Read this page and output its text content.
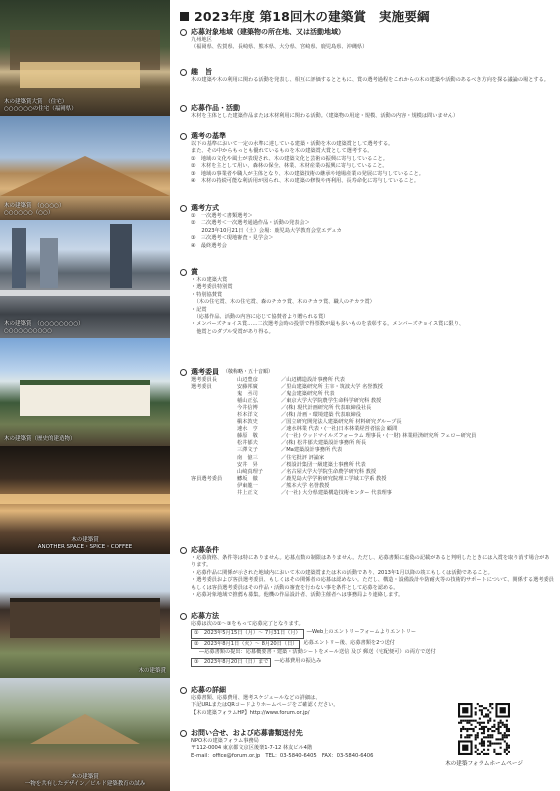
木の建築賞大賞　（住宅）
○○○○○○の住宅（福岡県）
木の建築賞　（○○○○）
○○○○○○（○○）
木の建築賞　（○○○○○○○○）
○○○○○○○○○○
木の建築賞（歴史的建造物）
木の建築賞
ANOTHER SPACE・SPICE・COFFEE
木の建築賞
木の建築賞
一物を共有したデザイン／ビルド建築教育の試み
2023年度 第18回木の建築賞　実施要綱
応募対象地域（建築物の所在地、又は活動地域）
九州地区
（福岡県、佐賀県、長崎県、熊本県、大分県、宮崎県、鹿児島県、沖縄県）
趣　旨
木の建築や木の利用に関わる活動を発表し、相互に評価するとともに、賞の選考過程をこれからの木の建築や活動のあるべき方向を探る議論の場とする。
応募作品・活動
木材を主体とした建築作品または木材利用に関わる活動。（建築物の用途・規模、活動の内容・規模は問いません）
選考の基準
以下の基準において一定の水準に達している建築・活動を木の建築賞として選考する。
また、その中からもっとも優れているものを木の建築賞大賞として選考する。
①　地域の文化や風土が表現され、木の建築文化と芸術の振興に寄与していること。
②　木材を主として用い、森林の保全、林業、木材産業の振興に寄与していること。
③　地域の事業者や職人が主体となり、木の建築技術の継承や地場産業の発展に寄与していること。
④　木材の持続可能な利活用が図られ、木の建築の修復や再利用、長寿命化に寄与していること。
選考方式
①　一次選考＜書類選考＞
②　二次選考＜一次選考通過作品・活動の発表会＞
　　2023年10月21日（土）会場：鹿児島大学教育会堂エデュカ
③　三次選考＜現地審査・見学会＞
④　最終選考会
賞
・木の建築大賞
・選考委員特別賞
・特別協賛賞
　（木の住宅賞、木の住宅賞、森のチカラ賞、木のチカラ賞、職人のチカラ賞）
・記賞
　（応募作品、活動の内容に応じて協賛者より贈られる賞）
・メンバーズチョイス賞……二次選考会時の投票で得票数が最も多いものを表彰する。メンバーズチョイス賞に限り、
　他賞とのダブル受賞があり得る。
選考委員 （敬称略・五十音順）
選考委員長	山辺豊彦	／山辺構造設計事務所 代表
選考委員	安藤邦廣	／里山建築研究所 主宰・筑波大学 名誉教授
鬼　丞司	／鬼会建築研究所 代表
稲山正弘	／東京大学大学院農学生命科学研究科 教授
今井信博	／(株) 現代計画研究所 代表取締役社長
杉本洋文	／(株) 計画・環境建築 代表取締役
槇本敦史	／国立研究開発法人建築研究所 材料研究グループ長
速水　亨	／速水林業 代表・(一社)日本林業経営者協会 顧問
藤原　敬	／(一社) ウッドマイルズフォーラム 理事長・(一財) 林業経済研究所 フェロー研究員
松井郁夫	／(株) 松井郁夫建築設計事務所 所長
三澤文子	／Ma建築設計事務所 代表
南　億三	／住宅批評 評論家
安井　昇	／桜設計集団一級建築士事務所 代表
山崎真理子	／名古屋大学大学院生命農学研究科 教授
客員選考委員	鰺坂　徹	／鹿児島大学学術研究院理工学域工学系 教授
伊東龍一	／熊本大学 名誉教授
井上正文	／(一社) 大分県建築構造技術センター 代表理事
応募条件
・応募資格、条件等は特にありません。応募点数の制限はありません。ただし、応募書類に虚偽の記載があると判明したときには入賞を取り消す場合があります。
・応募作品に関係が示された地域内において木の建築賞または木の活動であり、2013年1月以降の竣工もしくは活動であること。
・選考委員および客員選考委員、もしくはその関係者の応募は認めない。ただし、構造・設備設計や防耐火等の技術的サポートについて、関係する選考委員もしくは客員選考委員はその作品・活動の審査を行わない事を条件として応募を認める。
・応募対象地域で推薦も募集。他機の作品設計者、活動主催者へは事務局より連絡します。
応募方法
応募は次の①～③をもって応募完了となります。
①　2023年5月15日（月）～ 7月31日（月）	―Web上のエントリーフォームよりエントリー
②　2023年8月1日（火）～ 8月20日（日）	応募エントリー後、応募書類を2つ送付
―応募書類の提出：応募概要書・建築・活動シートをメール送信 及び 郵送（宅配便可）の両方で送付
③　2023年8月20日（日）まで	―応募費用の振込み
応募の詳細
応募書類、応募費用、選考スケジュールなどの詳細は、
下記URLまたはQRコードよりホームページをご確認ください。
【木の建築フォラムHP】http://www.forum.or.jp/
お問い合せ、および応募書類送付先
NPO木の建築フォラム事務局
〒112-0004 東京都文京区後楽1-7-12 林友ビル4階
E-mail：office@forum.or.jp　TEL：03-5840-6405　FAX：03-5840-6406
木の建築フォラムホームページ
